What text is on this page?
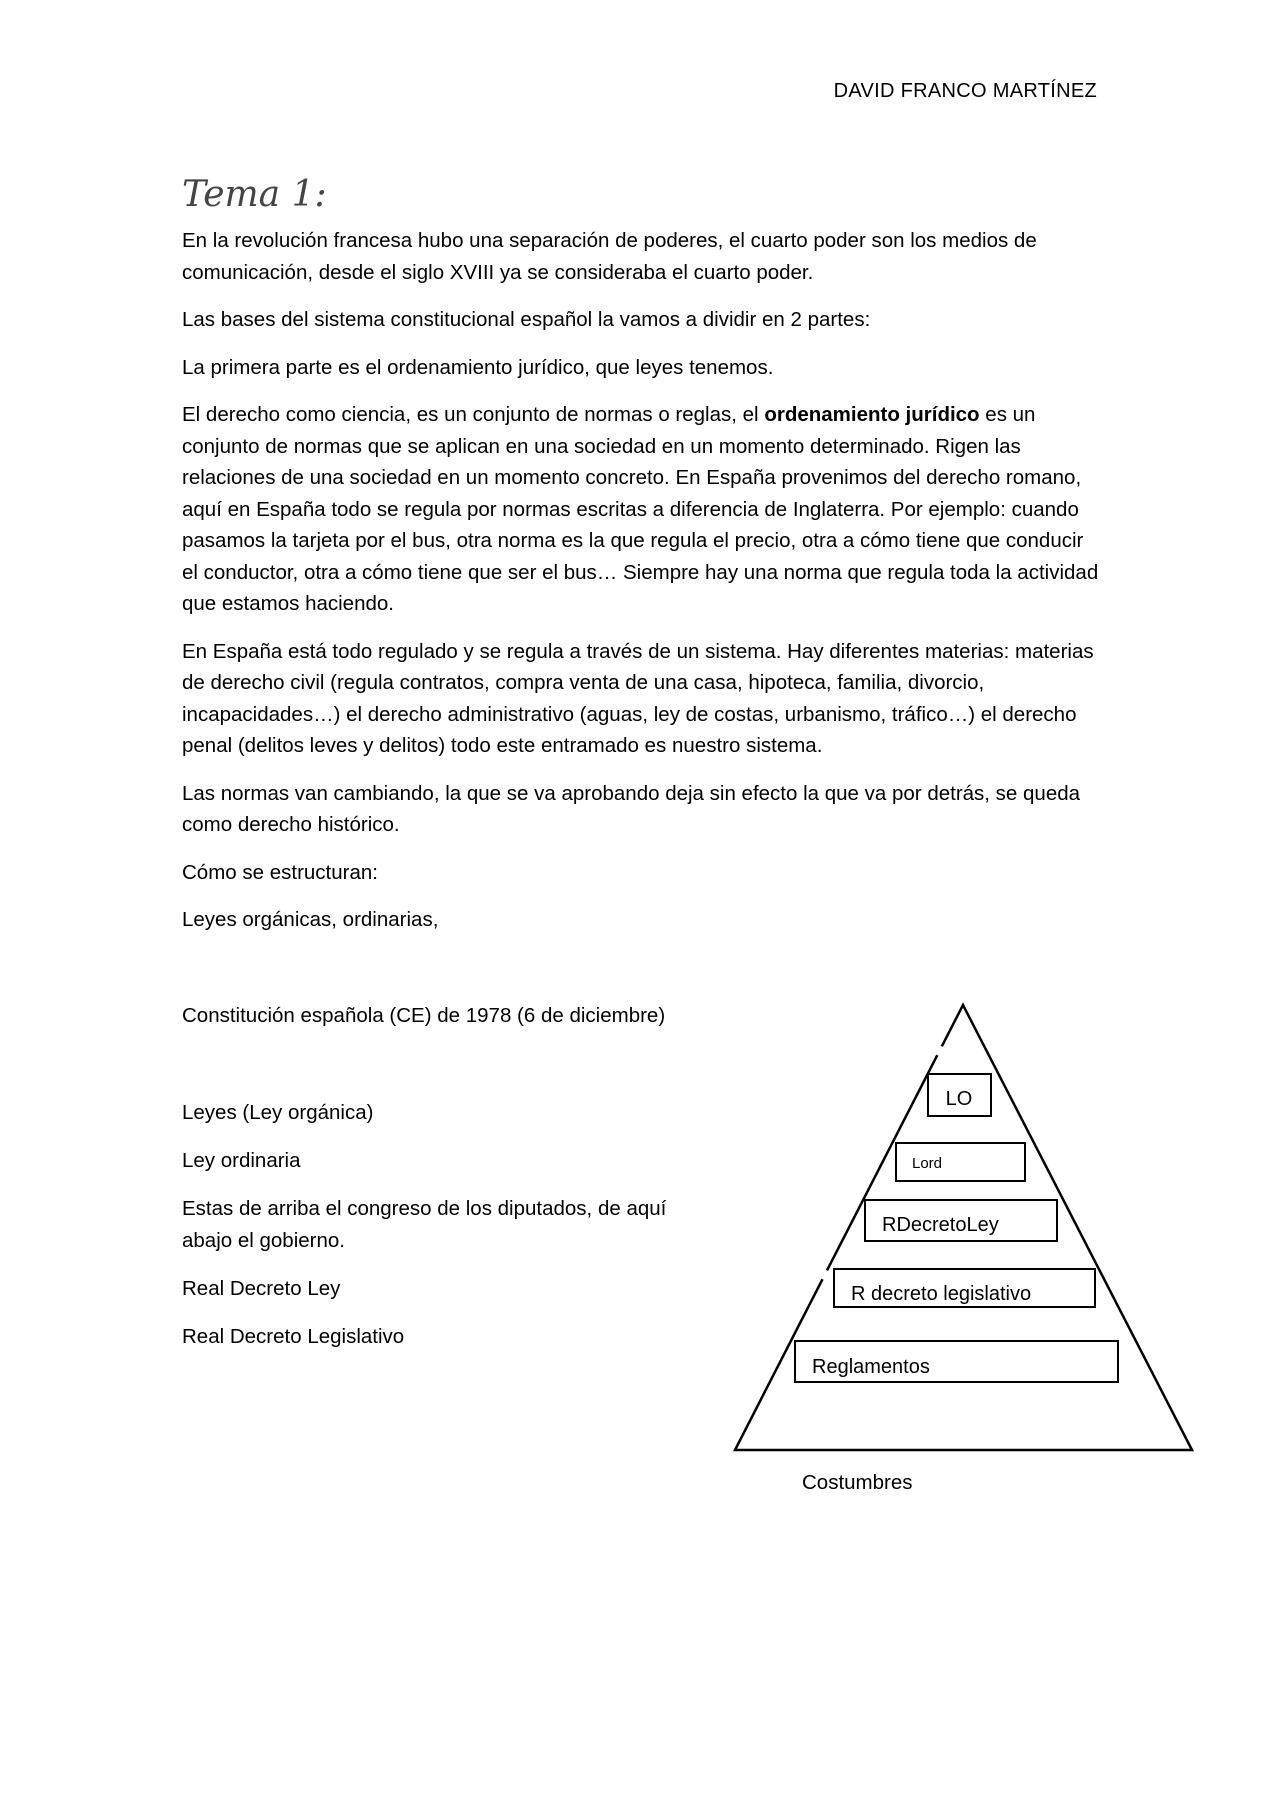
DAVID FRANCO MARTÍNEZ
Tema 1:

En la revolución francesa hubo una separación de poderes, el cuarto poder son los medios de comunicación, desde el siglo XVIII ya se consideraba el cuarto poder.

Las bases del sistema constitucional español la vamos a dividir en 2 partes:

La primera parte es el ordenamiento jurídico, que leyes tenemos.

El derecho como ciencia, es un conjunto de normas o reglas, el ordenamiento jurídico es un conjunto de normas que se aplican en una sociedad en un momento determinado. Rigen las relaciones de una sociedad en un momento concreto. En España provenimos del derecho romano, aquí en España todo se regula por normas escritas a diferencia de Inglaterra. Por ejemplo: cuando pasamos la tarjeta por el bus, otra norma es la que regula el precio, otra a cómo tiene que conducir el conductor, otra a cómo tiene que ser el bus… Siempre hay una norma que regula toda la actividad que estamos haciendo.

En España está todo regulado y se regula a través de un sistema. Hay diferentes materias: materias de derecho civil (regula contratos, compra venta de una casa, hipoteca, familia, divorcio, incapacidades…) el derecho administrativo (aguas, ley de costas, urbanismo, tráfico…) el derecho penal (delitos leves y delitos) todo este entramado es nuestro sistema.

Las normas van cambiando, la que se va aprobando deja sin efecto la que va por detrás, se queda como derecho histórico.

Cómo se estructuran:

Leyes orgánicas, ordinarias,

Constitución española (CE) de 1978 (6 de diciembre)

Leyes (Ley orgánica)

Ley ordinaria

Estas de arriba el congreso de los diputados, de aquí abajo el gobierno.

Real Decreto Ley

Real Decreto Legislativo

LO
Lord
RDecretoLey
R decreto legislativo
Reglamentos
Costumbres
